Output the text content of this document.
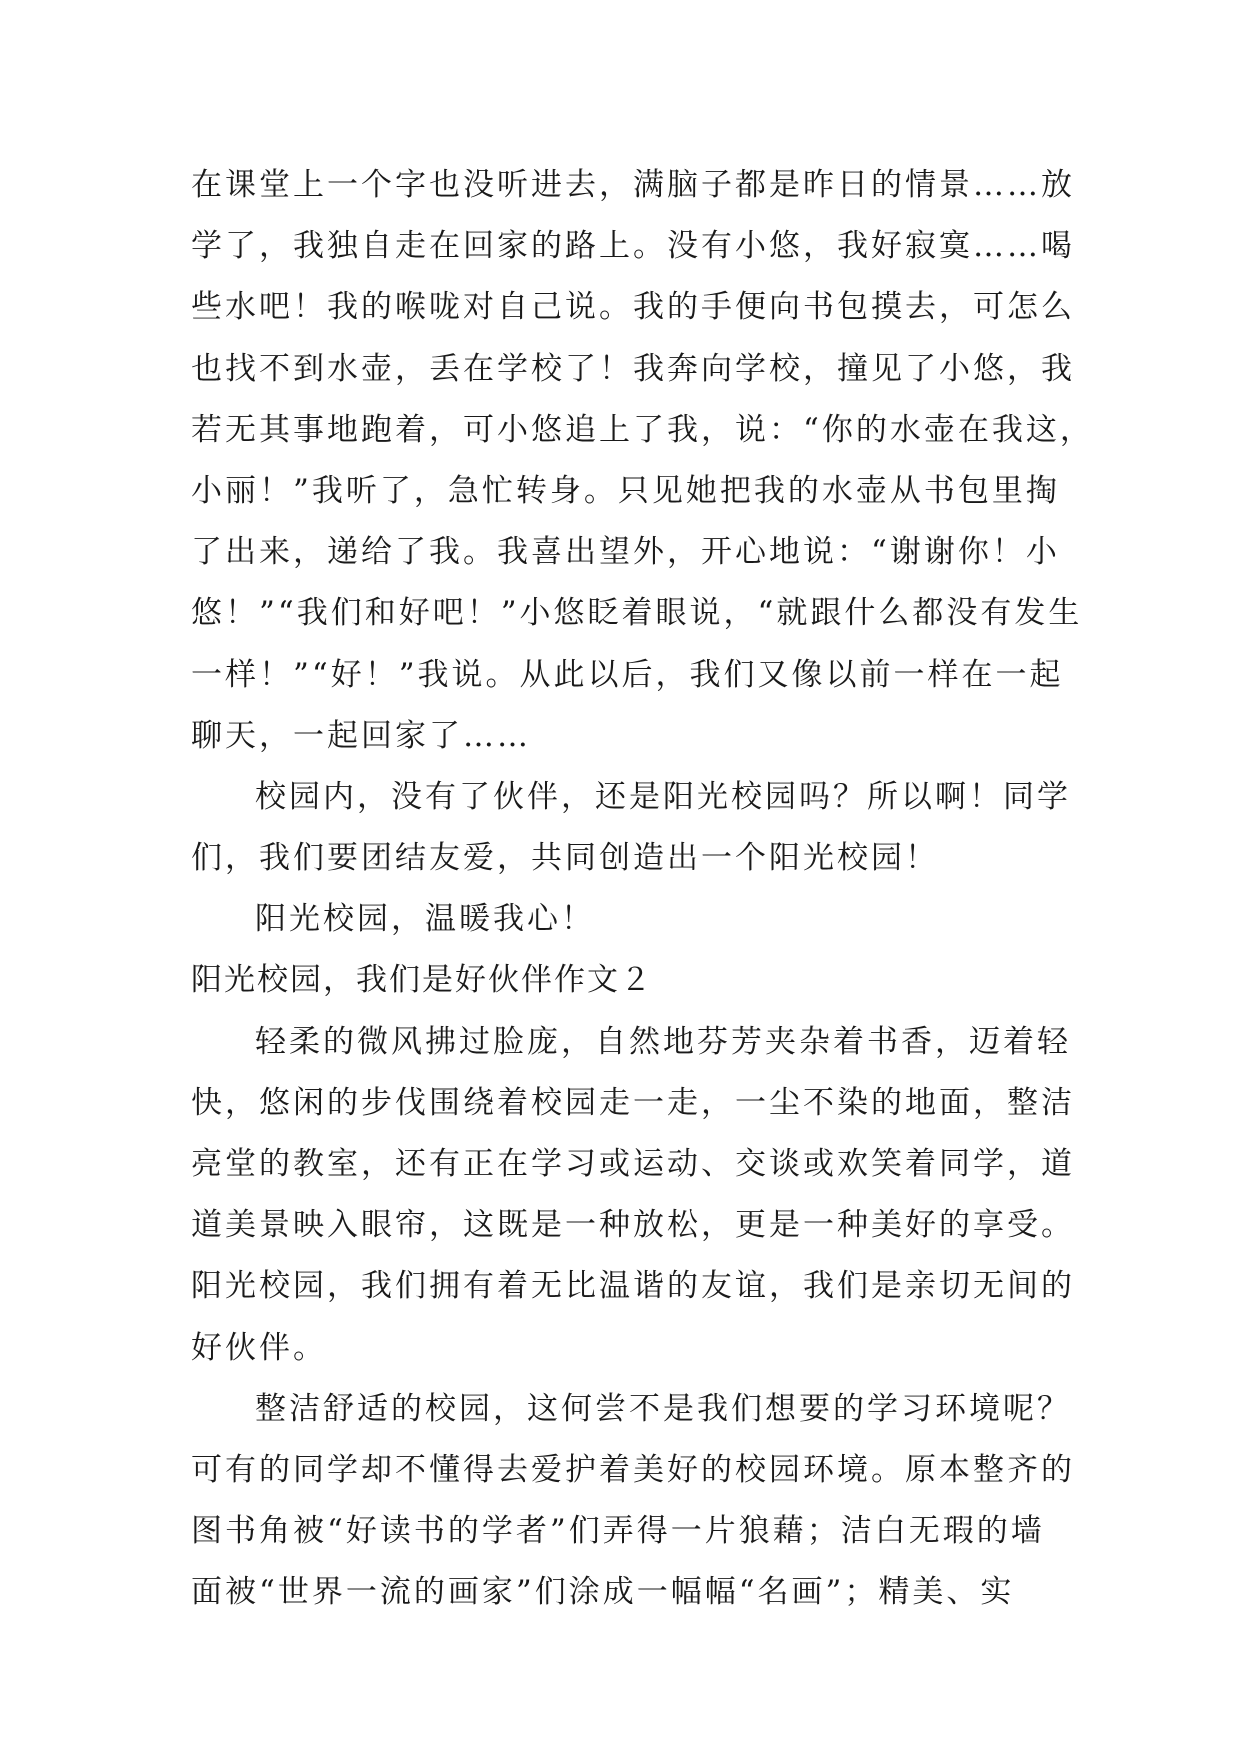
在课堂上一个字也没听进去，满脑子都是昨日的情景……放
学了，我独自走在回家的路上。没有小悠，我好寂寞……喝
些水吧！我的喉咙对自己说。我的手便向书包摸去，可怎么
也找不到水壶，丢在学校了！我奔向学校，撞见了小悠，我
若无其事地跑着，可小悠追上了我，说：“你的水壶在我这，
小丽！”我听了，急忙转身。只见她把我的水壶从书包里掏
了出来，递给了我。我喜出望外，开心地说：“谢谢你！小
悠！”“我们和好吧！”小悠眨着眼说，“就跟什么都没有发生
一样！”“好！”我说。从此以后，我们又像以前一样在一起
聊天，一起回家了……
校园内，没有了伙伴，还是阳光校园吗？所以啊！同学
们，我们要团结友爱，共同创造出一个阳光校园！
阳光校园，温暖我心！
阳光校园，我们是好伙伴作文２
轻柔的微风拂过脸庞，自然地芬芳夹杂着书香，迈着轻
快，悠闲的步伐围绕着校园走一走，一尘不染的地面，整洁
亮堂的教室，还有正在学习或运动、交谈或欢笑着同学，道
道美景映入眼帘，这既是一种放松，更是一种美好的享受。
阳光校园，我们拥有着无比温谐的友谊，我们是亲切无间的
好伙伴。
整洁舒适的校园，这何尝不是我们想要的学习环境呢？
可有的同学却不懂得去爱护着美好的校园环境。原本整齐的
图书角被“好读书的学者”们弄得一片狼藉；洁白无瑕的墙
面被“世界一流的画家”们涂成一幅幅“名画”；精美、实
